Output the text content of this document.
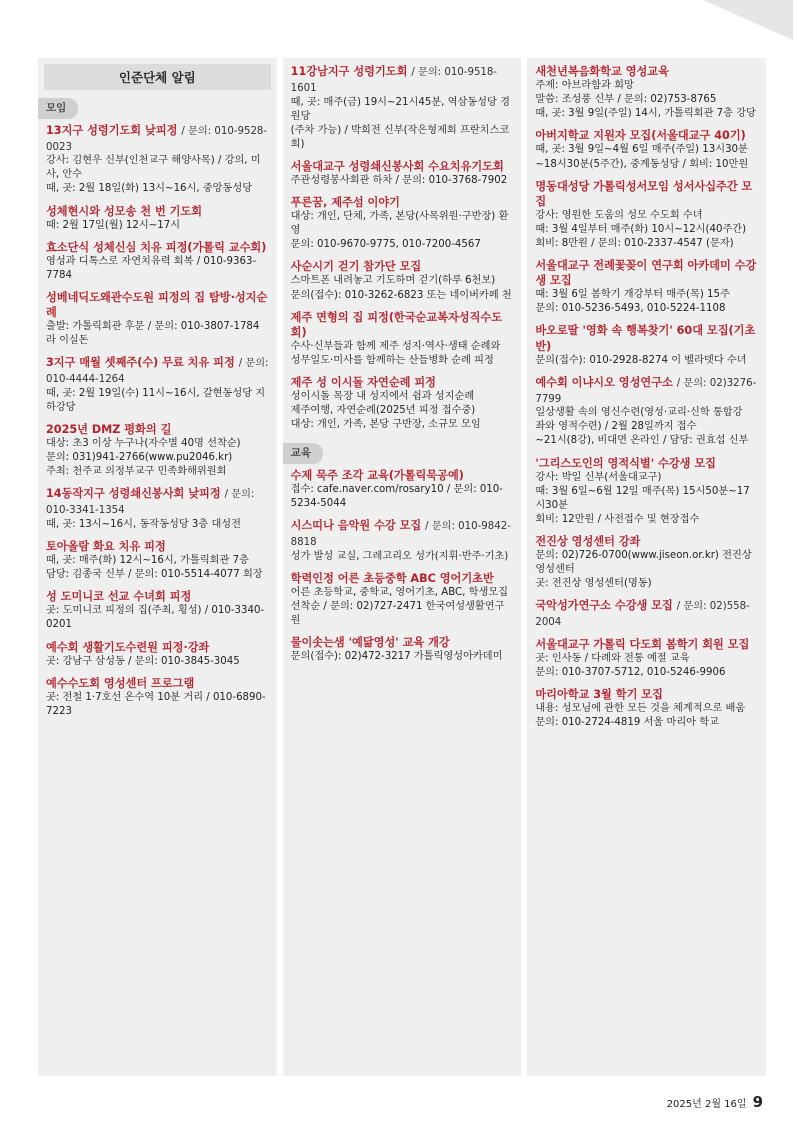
인준단체 알림
모임
13지구 성령기도회 낮피정 / 문의: 010-9528-0023
강사: 김현우 신부(인천교구 해양사목) / 강의, 미사, 안수
때, 곳: 2월 18일(화) 13시~16시, 중앙동성당
성체현시와 성모송 천 번 기도회
때: 2월 17일(월) 12시~17시
효소단식 성체신심 치유 피정(가톨릭 교수회)
영성과 디톡스로 자연치유력 회복 / 010-9363-7784
성베네딕도왜관수도원 피정의 집 탐방·성지순례
출발: 가톨릭회관 후문 / 문의: 010-3807-1784 라 이실돈
3지구 매월 셋째주(수) 무료 치유 피정 / 문의: 010-4444-1264
때, 곳: 2월 19일(수) 11시~16시, 갈현동성당 지하강당
2025년 DMZ 평화의 길
대상: 초3 이상 누구나(자수별 40명 선착순)
문의: 031)941-2766(www.pu2046.kr)
주최: 천주교 의정부교구 민족화해위원회
14동작지구 성령쇄신봉사회 낮피정 / 문의: 010-3341-1354
때, 곳: 13시~16시, 동작동성당 3층 대성전
토아올람 화요 치유 피정
때, 곳: 매주(화) 12시~16시, 가톨릭회관 7층
담당: 김종국 신부 / 문의: 010-5514-4077 회장
성 도미니코 선교 수녀회 피정
곳: 도미니코 피정의 집(주최, 횡성) / 010-3340-0201
예수회 생활기도수련원 피정·강좌
곳: 강남구 삼성동 / 문의: 010-3845-3045
예수수도회 영성센터 프로그램
곳: 전철 1·7호선 온수역 10분 거리 / 010-6890-7223
11강남지구 성령기도회 / 문의: 010-9518-1601
때, 곳: 매주(금) 19시~21시45분, 역삼동성당 경원당
(주차 가능) / 박희전 신부(작은형제회 프란치스코회)
서울대교구 성령쇄신봉사회 수요치유기도회
주관성령봉사회관 하차 / 문의: 010-3768-7902
푸른꿈, 제주섬 이야기
대상: 개인, 단체, 가족, 본당(사목위원·구반장) 환영
문의: 010-9670-9775, 010-7200-4567
사순시기 걷기 참가단 모집
스마트폰 내려놓고 기도하며 걷기(하루 6천보)
문의(접수): 010-3262-6823 또는 네이버카페 천
제주 면형의 집 피정(한국순교복자성직수도회)
수사·신부들과 함께 제주 성지·역사·생태 순례와
성무일도·미사를 함께하는 산들병화 순례 피정
제주 성 이시돌 자연순례 피정
성이시돌 목장 내 성지에서 쉼과 성지순례
제주여행, 자연순례(2025년 피정 접수중)
대상: 개인, 가족, 본당 구반장, 소규모 모임
교육
수제 묵주 조각 교육(가톨릭묵공예)
접수: cafe.naver.com/rosary10 / 문의: 010-5234-5044
시스띠나 음악원 수강 모집 / 문의: 010-9842-8818
성가 발성 교실, 그레고리오 성가(지휘·반주·기초)
학력인정 어른 초등중학 ABC 영어기초반
어른 초등학교, 중학교, 영어기초, ABC, 학생모집
선착순 / 문의: 02)727-2471 한국여성생활연구원
물이솟는샘 '예닮영성' 교육 개강
문의(접수): 02)472-3217 가톨릭영성아카데미
새천년복음화학교 영성교육
주제: 아브라함과 희망
말씀: 조성풍 신부 / 문의: 02)753-8765
때, 곳: 3월 9일(주일) 14시, 가톨릭회관 7층 강당
아버지학교 지원자 모집(서울대교구 40기)
때, 곳: 3월 9일~4월 6일 매주(주일) 13시30분
~18시30분(5주간), 중계동성당 / 회비: 10만원
명동대성당 가톨릭성서모임 성서사십주간 모집
강사: 영원한 도움의 성모 수도회 수녀
때: 3월 4일부터 매주(화) 10시~12시(40주간)
회비: 8만원 / 문의: 010-2337-4547 (문자)
서울대교구 전례꽃꽂이 연구회 아카데미 수강생 모집
때: 3월 6일 봄학기 개강부터 매주(목) 15주
문의: 010-5236-5493, 010-5224-1108
바오로딸 '영화 속 행복찾기' 60대 모집(기초반)
문의(접수): 010-2928-8274 이 벨라뎃다 수녀
예수회 이냐시오 영성연구소 / 문의: 02)3276-7799
일상생활 속의 영신수련(영성·교리·신학 통합강
좌와 영적수련) / 2월 28일까지 접수
~21시(8강), 비대면 온라인 / 담당: 권효섭 신부
'그리스도인의 영적식별' 수강생 모집
강사: 박일 신부(서울대교구)
때: 3월 6일~6월 12일 매주(목) 15시50분~17시30분
회비: 12만원 / 사전접수 및 현장접수
전진상 영성센터 강좌
문의: 02)726-0700(www.jiseon.or.kr) 전진상영성센터
곳: 전진상 영성센터(명동)
국악성가연구소 수강생 모집 / 문의: 02)558-2004
서울대교구 가톨릭 다도회 봄학기 회원 모집
곳: 인사동 / 다례와 전통 예절 교육
문의: 010-3707-5712, 010-5246-9906
마리아학교 3월 학기 모집
내용: 성모님에 관한 모든 것을 체계적으로 배움
문의: 010-2724-4819 서울 마리아 학교
2025년 2월 16일 9
